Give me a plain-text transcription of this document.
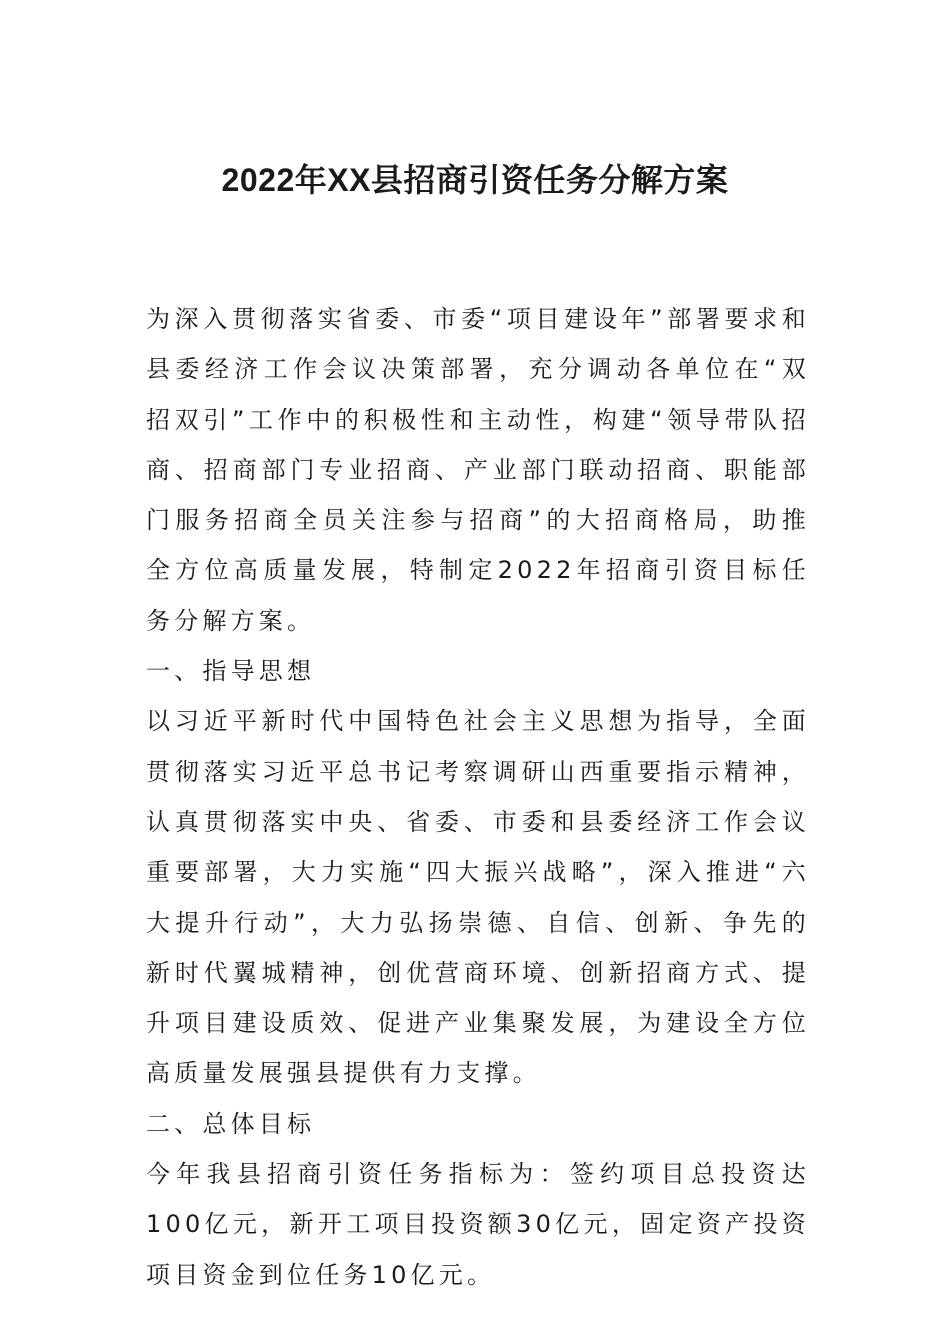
2022年XX县招商引资任务分解方案

为深入贯彻落实省委、市委“项目建设年”部署要求和县委经济工作会议决策部署，充分调动各单位在“双招双引”工作中的积极性和主动性，构建“领导带队招商、招商部门专业招商、产业部门联动招商、职能部门服务招商全员关注参与招商”的大招商格局，助推全方位高质量发展，特制定2022年招商引资目标任务分解方案。

一、指导思想

以习近平新时代中国特色社会主义思想为指导，全面贯彻落实习近平总书记考察调研山西重要指示精神，认真贯彻落实中央、省委、市委和县委经济工作会议重要部署，大力实施“四大振兴战略”，深入推进“六大提升行动”，大力弘扬崇德、自信、创新、争先的新时代翼城精神，创优营商环境、创新招商方式、提升项目建设质效、促进产业集聚发展，为建设全方位高质量发展强县提供有力支撑。

二、总体目标

今年我县招商引资任务指标为：签约项目总投资达100亿元，新开工项目投资额30亿元，固定资产投资项目资金到位任务10亿元。
